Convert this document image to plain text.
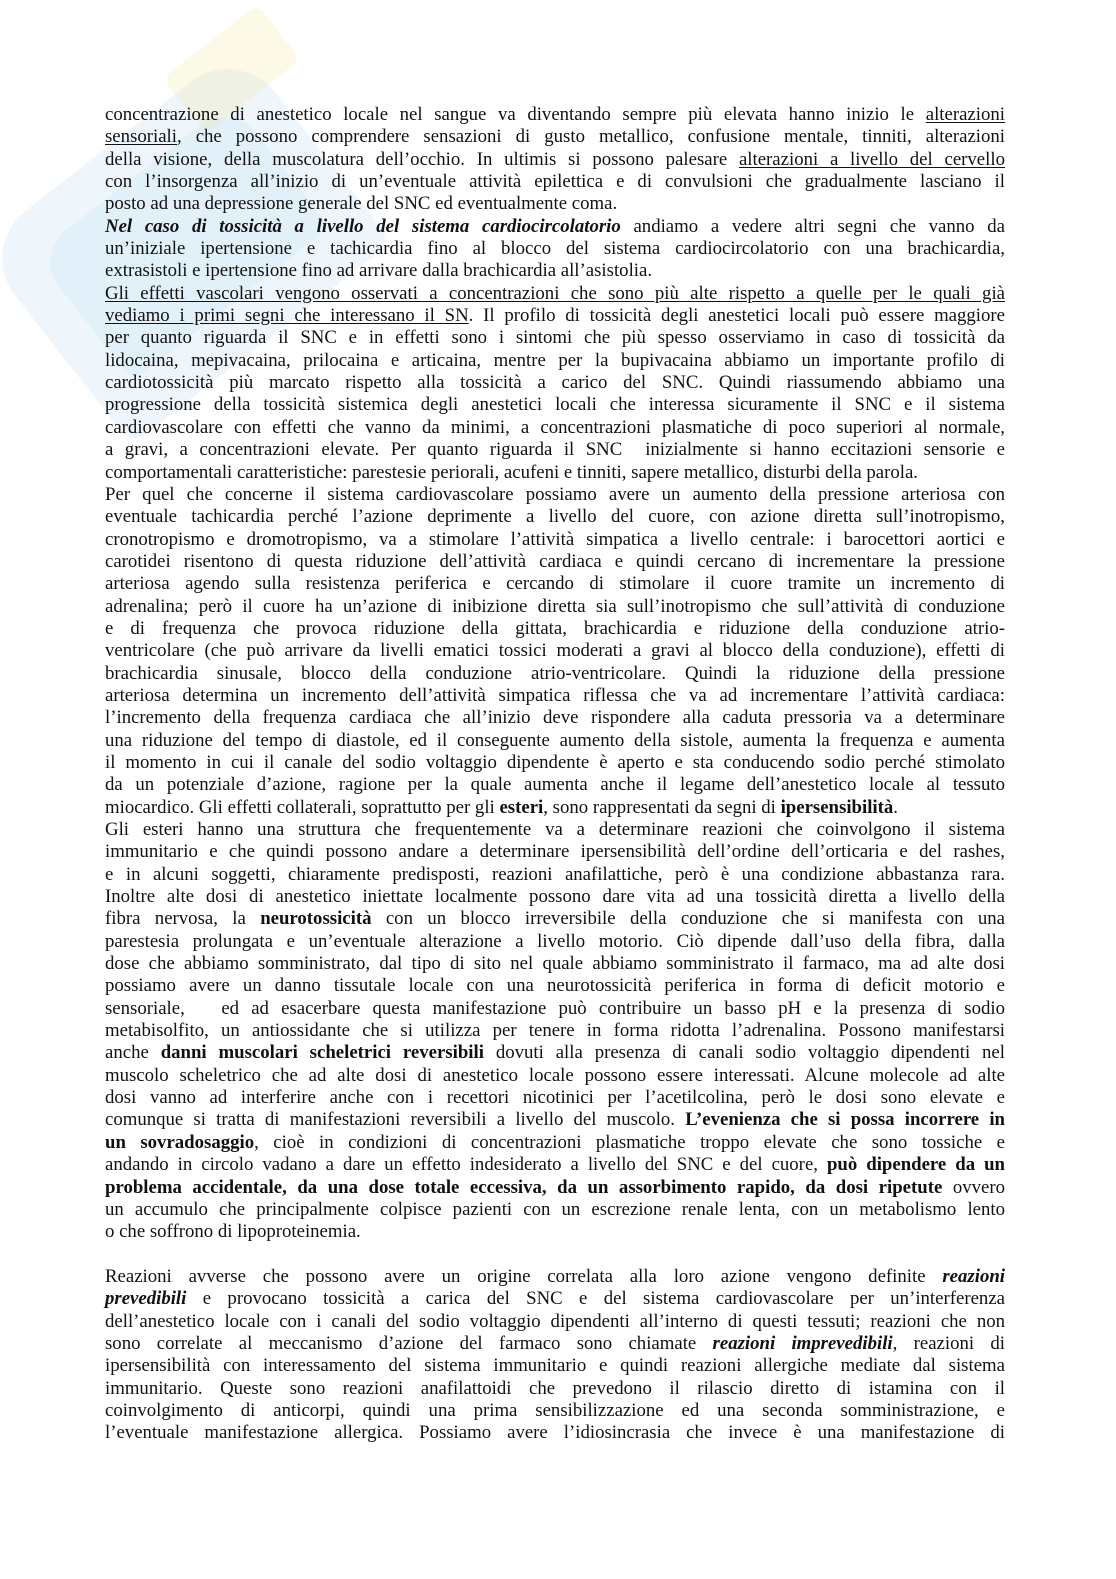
concentrazione di anestetico locale nel sangue va diventando sempre più elevata hanno inizio le alterazioni
sensoriali, che possono comprendere sensazioni di gusto metallico, confusione mentale, tinniti, alterazioni
della visione, della muscolatura dell’occhio. In ultimis si possono palesare alterazioni a livello del cervello
con l’insorgenza all’inizio di un’eventuale attività epilettica e di convulsioni che gradualmente lasciano il
posto ad una depressione generale del SNC ed eventualmente coma.
Nel caso di tossicità a livello del sistema cardiocircolatorio andiamo a vedere altri segni che vanno da
un’iniziale ipertensione e tachicardia fino al blocco del sistema cardiocircolatorio con una brachicardia,
extrasistoli e ipertensione fino ad arrivare dalla brachicardia all’asistolia.
Gli effetti vascolari vengono osservati a concentrazioni che sono più alte rispetto a quelle per le quali già
vediamo i primi segni che interessano il SN. Il profilo di tossicità degli anestetici locali può essere maggiore
per quanto riguarda il SNC e in effetti sono i sintomi che più spesso osserviamo in caso di tossicità da
lidocaina, mepivacaina, prilocaina e articaina, mentre per la bupivacaina abbiamo un importante profilo di
cardiotossicità più marcato rispetto alla tossicità a carico del SNC. Quindi riassumendo abbiamo una
progressione della tossicità sistemica degli anestetici locali che interessa sicuramente il SNC e il sistema
cardiovascolare con effetti che vanno da minimi, a concentrazioni plasmatiche di poco superiori al normale,
a gravi, a concentrazioni elevate. Per quanto riguarda il SNC  inizialmente si hanno eccitazioni sensorie e
comportamentali caratteristiche: parestesie periorali, acufeni e tinniti, sapere metallico, disturbi della parola.
Per quel che concerne il sistema cardiovascolare possiamo avere un aumento della pressione arteriosa con
eventuale tachicardia perché l’azione deprimente a livello del cuore, con azione diretta sull’inotropismo,
cronotropismo e dromotropismo, va a stimolare l’attività simpatica a livello centrale: i barocettori aortici e
carotidei risentono di questa riduzione dell’attività cardiaca e quindi cercano di incrementare la pressione
arteriosa agendo sulla resistenza periferica e cercando di stimolare il cuore tramite un incremento di
adrenalina; però il cuore ha un’azione di inibizione diretta sia sull’inotropismo che sull’attività di conduzione
e di frequenza che provoca riduzione della gittata, brachicardia e riduzione della conduzione atrio-
ventricolare (che può arrivare da livelli ematici tossici moderati a gravi al blocco della conduzione), effetti di
brachicardia sinusale, blocco della conduzione atrio-ventricolare. Quindi la riduzione della pressione
arteriosa determina un incremento dell’attività simpatica riflessa che va ad incrementare l’attività cardiaca:
l’incremento della frequenza cardiaca che all’inizio deve rispondere alla caduta pressoria va a determinare
una riduzione del tempo di diastole, ed il conseguente aumento della sistole, aumenta la frequenza e aumenta
il momento in cui il canale del sodio voltaggio dipendente è aperto e sta conducendo sodio perché stimolato
da un potenziale d’azione, ragione per la quale aumenta anche il legame dell’anestetico locale al tessuto
miocardico. Gli effetti collaterali, soprattutto per gli esteri, sono rappresentati da segni di ipersensibilità.
Gli esteri hanno una struttura che frequentemente va a determinare reazioni che coinvolgono il sistema
immunitario e che quindi possono andare a determinare ipersensibilità dell’ordine dell’orticaria e del rashes,
e in alcuni soggetti, chiaramente predisposti, reazioni anafilattiche, però è una condizione abbastanza rara.
Inoltre alte dosi di anestetico iniettate localmente possono dare vita ad una tossicità diretta a livello della
fibra nervosa, la neurotossicità con un blocco irreversibile della conduzione che si manifesta con una
parestesia prolungata e un’eventuale alterazione a livello motorio. Ciò dipende dall’uso della fibra, dalla
dose che abbiamo somministrato, dal tipo di sito nel quale abbiamo somministrato il farmaco, ma ad alte dosi
possiamo avere un danno tissutale locale con una neurotossicità periferica in forma di deficit motorio e
sensoriale,   ed ad esacerbare questa manifestazione può contribuire un basso pH e la presenza di sodio
metabisolfito, un antiossidante che si utilizza per tenere in forma ridotta l’adrenalina. Possono manifestarsi
anche danni muscolari scheletrici reversibili dovuti alla presenza di canali sodio voltaggio dipendenti nel
muscolo scheletrico che ad alte dosi di anestetico locale possono essere interessati. Alcune molecole ad alte
dosi vanno ad interferire anche con i recettori nicotinici per l’acetilcolina, però le dosi sono elevate e
comunque si tratta di manifestazioni reversibili a livello del muscolo. L’evenienza che si possa incorrere in
un sovradosaggio, cioè in condizioni di concentrazioni plasmatiche troppo elevate che sono tossiche e
andando in circolo vadano a dare un effetto indesiderato a livello del SNC e del cuore, può dipendere da un
problema accidentale, da una dose totale eccessiva, da un assorbimento rapido, da dosi ripetute ovvero
un accumulo che principalmente colpisce pazienti con un escrezione renale lenta, con un metabolismo lento
o che soffrono di lipoproteinemia.
Reazioni avverse che possono avere un origine correlata alla loro azione vengono definite reazioni
prevedibili e provocano tossicità a carica del SNC e del sistema cardiovascolare per un’interferenza
dell’anestetico locale con i canali del sodio voltaggio dipendenti all’interno di questi tessuti; reazioni che non
sono correlate al meccanismo d’azione del farmaco sono chiamate reazioni imprevedibili, reazioni di
ipersensibilità con interessamento del sistema immunitario e quindi reazioni allergiche mediate dal sistema
immunitario. Queste sono reazioni anafilattoidi che prevedono il rilascio diretto di istamina con il
coinvolgimento di anticorpi, quindi una prima sensibilizzazione ed una seconda somministrazione, e
l’eventuale manifestazione allergica. Possiamo avere l’idiosincrasia che invece è una manifestazione di
